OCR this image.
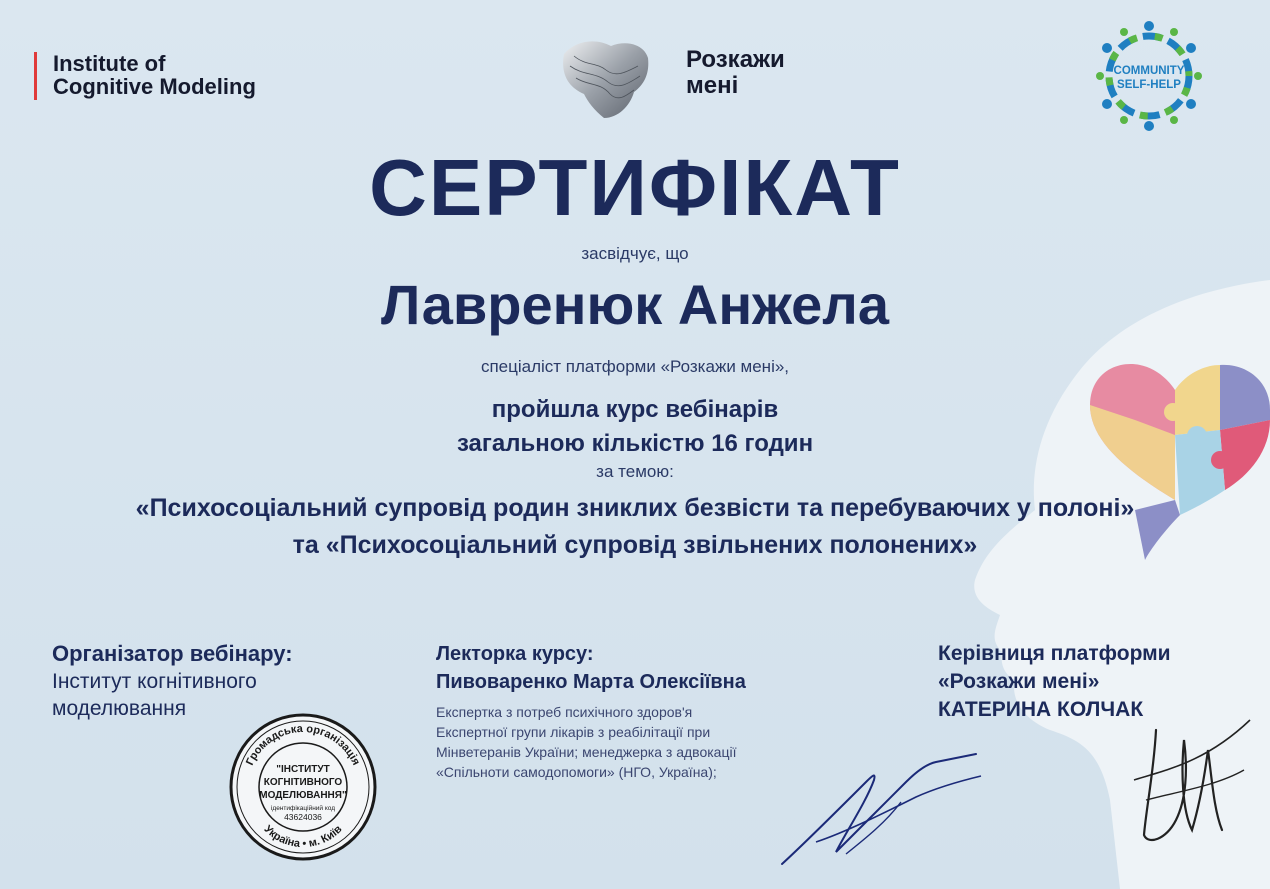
Institute of
Cognitive Modeling
Розкажи
мені
COMMUNITY
SELF-HELP
СЕРТИФІКАТ
засвідчує, що
Лавренюк Анжела
спеціаліст платформи «Розкажи мені»,
пройшла курс вебінарів
загальною кількістю 16 годин
за темою:
«Психосоціальний супровід родин зниклих безвісти та перебуваючих у полоні»
та «Психосоціальний супровід звільнених полонених»
Організатор вебінару:
Інститут когнітивного
моделювання
Лекторка курсу:
Пивоваренко Марта Олексіївна
Експертка з потреб психічного здоров'я
Експертної групи лікарів з реабілітації при
Мінветеранів України; менеджерка з адвокації
«Спільноти самодопомоги» (НГО, Україна);
Керівниця платформи
«Розкажи мені»
КАТЕРИНА КОЛЧАК
Громадська організація
Україна • м. Київ
"ІНСТИТУТ
КОГНІТИВНОГО
МОДЕЛЮВАННЯ"
ідентифікаційний код
43624036
